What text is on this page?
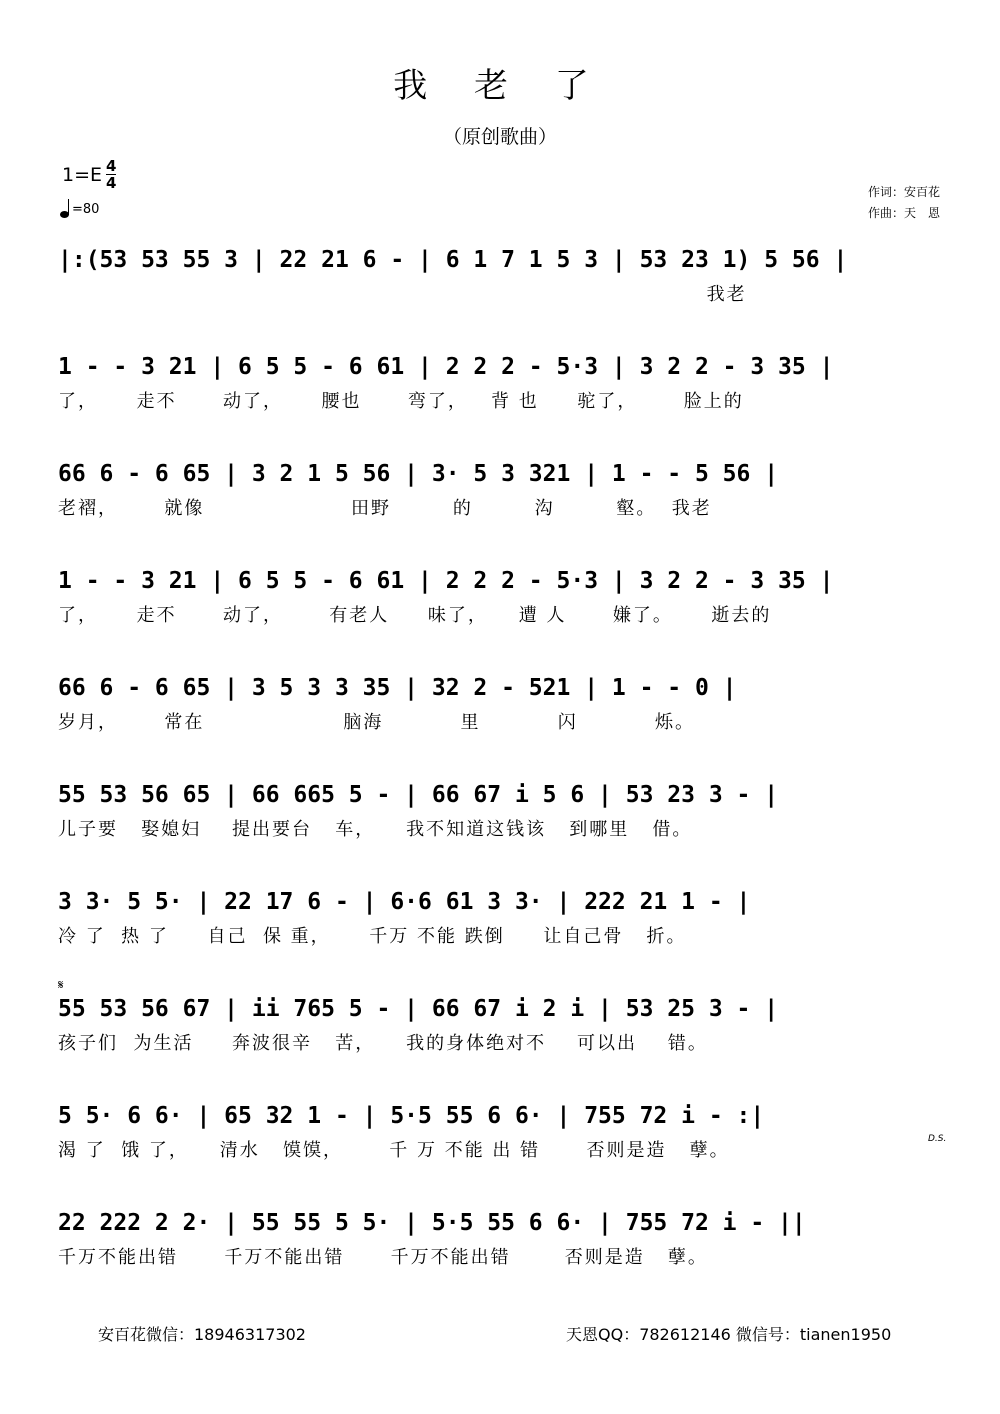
我 老 了
（原创歌曲）
$1=E \frac{4}{4}$
=80
作词：安百花
作曲：天　恩
|:(53 53 55 3 | 22 21 6 - | 6 1 7 1 5 3 | 53 23 1) 5 56 |
我老
1 - - 3 21 | 6 5 5 - 6 61 | 2 2 2 - 5·3 | 3 2 2 - 3 35 |
了，     走不      动了，     腰也      弯了，   背 也     驼了，      脸上的
66 6 - 6 65 | 3 2 1 5 56 | 3· 5 3 321 | 1 - - 5 56 |
老褶，      就像                   田野        的        沟        壑。  我老
1 - - 3 21 | 6 5 5 - 6 61 | 2 2 2 - 5·3 | 3 2 2 - 3 35 |
了，     走不      动了，      有老人     味了，    遭 人      嫌了。     逝去的
66 6 - 6 65 | 3 5 3 3 35 | 32 2 - 521 | 1 - - 0 |
岁月，      常在                  脑海          里          闪          烁。
55 53 56 65 | 66 665 5 - | 66 67 i 5 6 | 53 23 3 - |
儿子要   娶媳妇    提出要台   车，    我不知道这钱该   到哪里   借。
3 3· 5 5· | 22 17 6 - | 6·6 61 3 3· | 222 21 1 - |
冷 了  热 了     自己  保 重，     千万 不能 跌倒     让自己骨   折。
𝄋
55 53 56 67 | ii 765 5 - | 66 67 i 2 i | 53 25 3 - |
孩子们  为生活     奔波很辛   苦，    我的身体绝对不    可以出    错。
5 5· 6 6· | 65 32 1 - | 5·5 55 6 6· | 755 72 i - :|
渴 了  饿 了，    清水   馍馍，      千 万 不能 出 错      否则是造   孽。
D.S.
22 222 2 2· | 55 55 5 5· | 5·5 55 6 6· | 755 72 i - ||
千万不能出错      千万不能出错      千万不能出错       否则是造   孽。
安百花微信：18946317302	天恩QQ：782612146 微信号：tianen1950
